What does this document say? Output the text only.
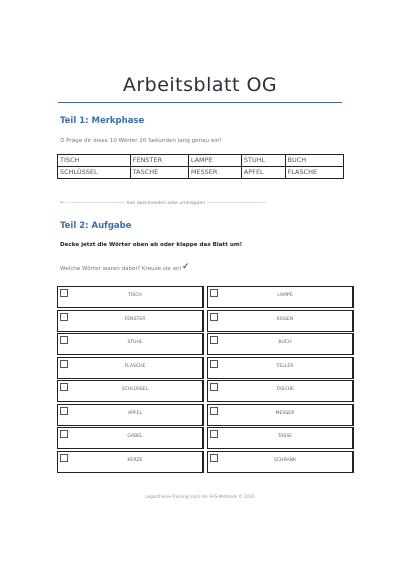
Arbeitsblatt OG
Teil 1: Merkphase
⏱ Präge dir diese 10 Wörter 20 Sekunden lang genau ein!
TISCH	FENSTER	LAMPE	STUHL	BUCH
SCHLÜSSEL	TASCHE	MESSER	APFEL	FLASCHE
✂ ------------------------------------ hier abschneiden oder umklappen ------------------------------------
Teil 2: Aufgabe
Decke jetzt die Wörter oben ab oder klappe das Blatt um!
Welche Wörter waren dabei? Kreuze sie an! ✓
TISCH	LAMPE
FENSTER	KISSEN
STUHL	BUCH
FLASCHE	TELLER
SCHLÜSSEL	TASCHE
APFEL	MESSER
GABEL	TASSE
KERZE	SCHRANK
Legasthenie-Training nach der AFS-Methode © 2020
